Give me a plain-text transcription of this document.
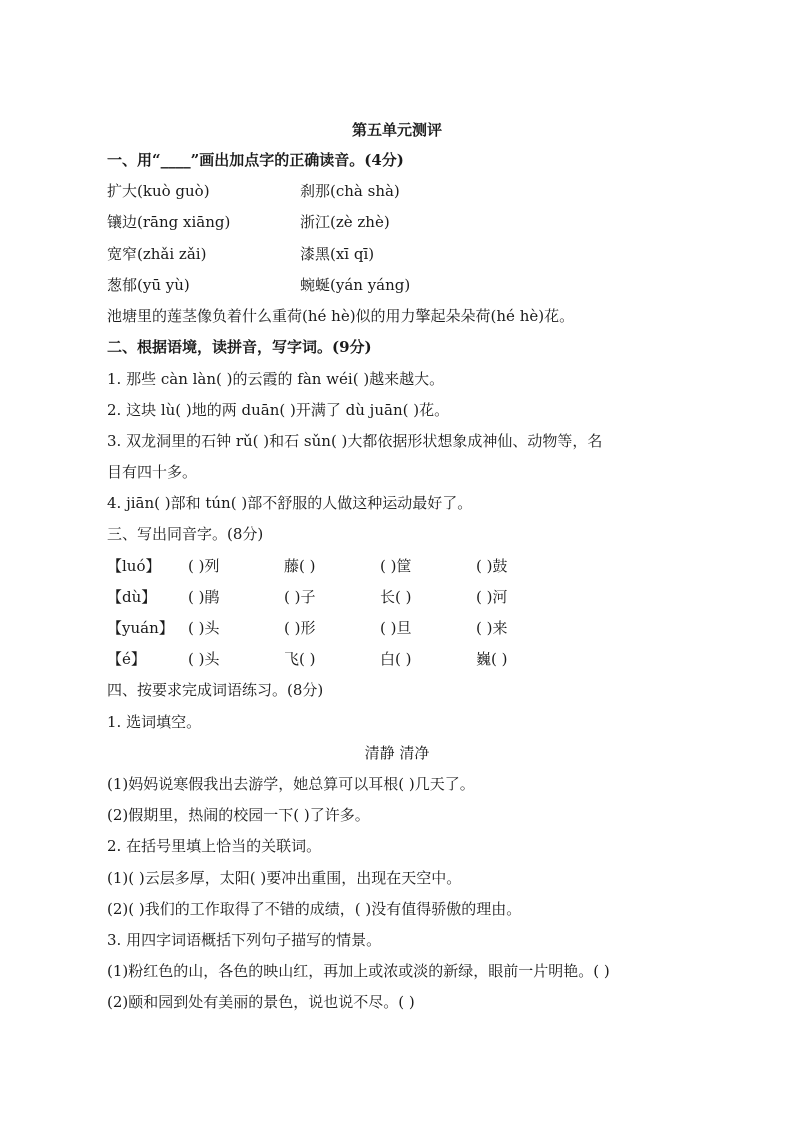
第五单元测评
一、用“____”画出加点字的正确读音。(4分)
扩大(kuò guò)	刹那(chà shà)
镶边(rāng xiāng)	浙江(zè zhè)
宽窄(zhǎi zǎi)	漆黑(xī qī)
葱郁(yū yù)	蜿蜒(yán yáng)
池塘里的莲茎像负着什么重荷(hé hè)似的用力擎起朵朵荷(hé hè)花。
二、根据语境，读拼音，写字词。(9分)
1. 那些 càn làn( )的云霞的 fàn wéi( )越来越大。
2. 这块 lù( )地的两 duān( )开满了 dù juān( )花。
3. 双龙洞里的石钟 rǔ( )和石 sǔn( )大都依据形状想象成神仙、动物等，名
目有四十多。
4. jiān( )部和 tún( )部不舒服的人做这种运动最好了。
三、写出同音字。(8分)
【luó】 ( )列	藤( )	( )筐	( )鼓
【dù】 ( )鹃	( )子	长( )	( )河
【yuán】 ( )头	( )形	( )旦	( )来
【é】	( )头	飞( )	白( )	巍( )
四、按要求完成词语练习。(8分)
1. 选词填空。
清静 清净
(1)妈妈说寒假我出去游学，她总算可以耳根( )几天了。
(2)假期里，热闹的校园一下( )了许多。
2. 在括号里填上恰当的关联词。
(1)( )云层多厚，太阳( )要冲出重围，出现在天空中。
(2)( )我们的工作取得了不错的成绩，( )没有值得骄傲的理由。
3. 用四字词语概括下列句子描写的情景。
(1)粉红色的山，各色的映山红，再加上或浓或淡的新绿，眼前一片明艳。( )
(2)颐和园到处有美丽的景色，说也说不尽。( )
